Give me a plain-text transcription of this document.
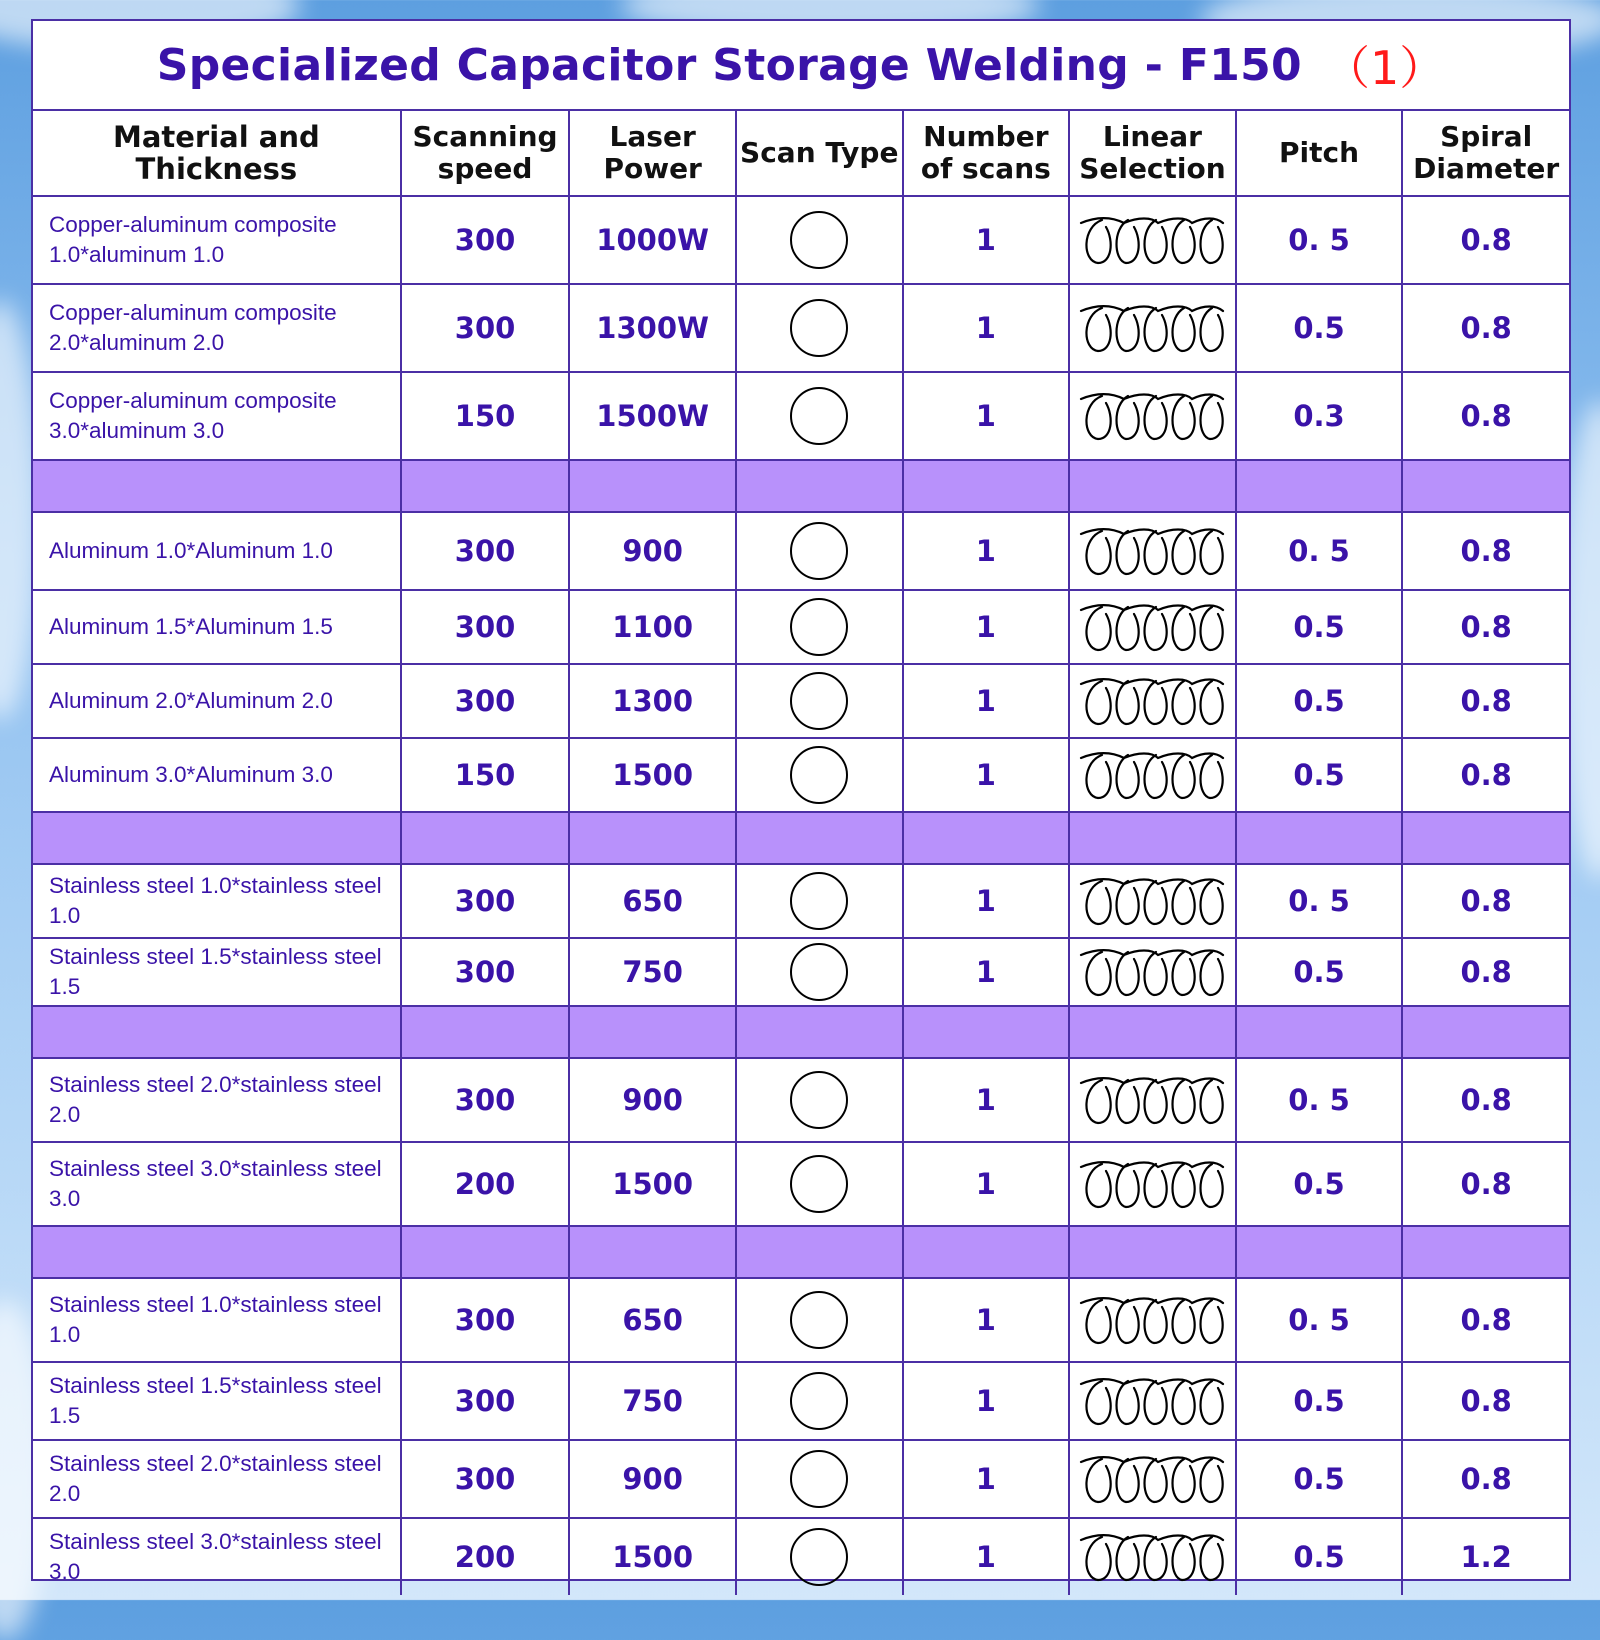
Specialized Capacitor Storage Welding - F150 （1）
Material and Thickness	Scanning speed	Laser Power	Scan Type	Number of scans	Linear Selection	Pitch	Spiral Diameter
Copper-aluminum composite 1.0*aluminum 1.0	300	1000W		1		0. 5	0.8
Copper-aluminum composite 2.0*aluminum 2.0	300	1300W		1		0.5	0.8
Copper-aluminum composite 3.0*aluminum 3.0	150	1500W		1		0.3	0.8

Aluminum 1.0*Aluminum 1.0	300	900		1		0. 5	0.8
Aluminum 1.5*Aluminum 1.5	300	1100		1		0.5	0.8
Aluminum 2.0*Aluminum 2.0	300	1300		1		0.5	0.8
Aluminum 3.0*Aluminum 3.0	150	1500		1		0.5	0.8

Stainless steel 1.0*stainless steel 1.0	300	650		1		0. 5	0.8
Stainless steel 1.5*stainless steel 1.5	300	750		1		0.5	0.8

Stainless steel 2.0*stainless steel 2.0	300	900		1		0. 5	0.8
Stainless steel 3.0*stainless steel 3.0	200	1500		1		0.5	0.8

Stainless steel 1.0*stainless steel 1.0	300	650		1		0. 5	0.8
Stainless steel 1.5*stainless steel 1.5	300	750		1		0.5	0.8
Stainless steel 2.0*stainless steel 2.0	300	900		1		0.5	0.8
Stainless steel 3.0*stainless steel 3.0	200	1500		1		0.5	1.2
